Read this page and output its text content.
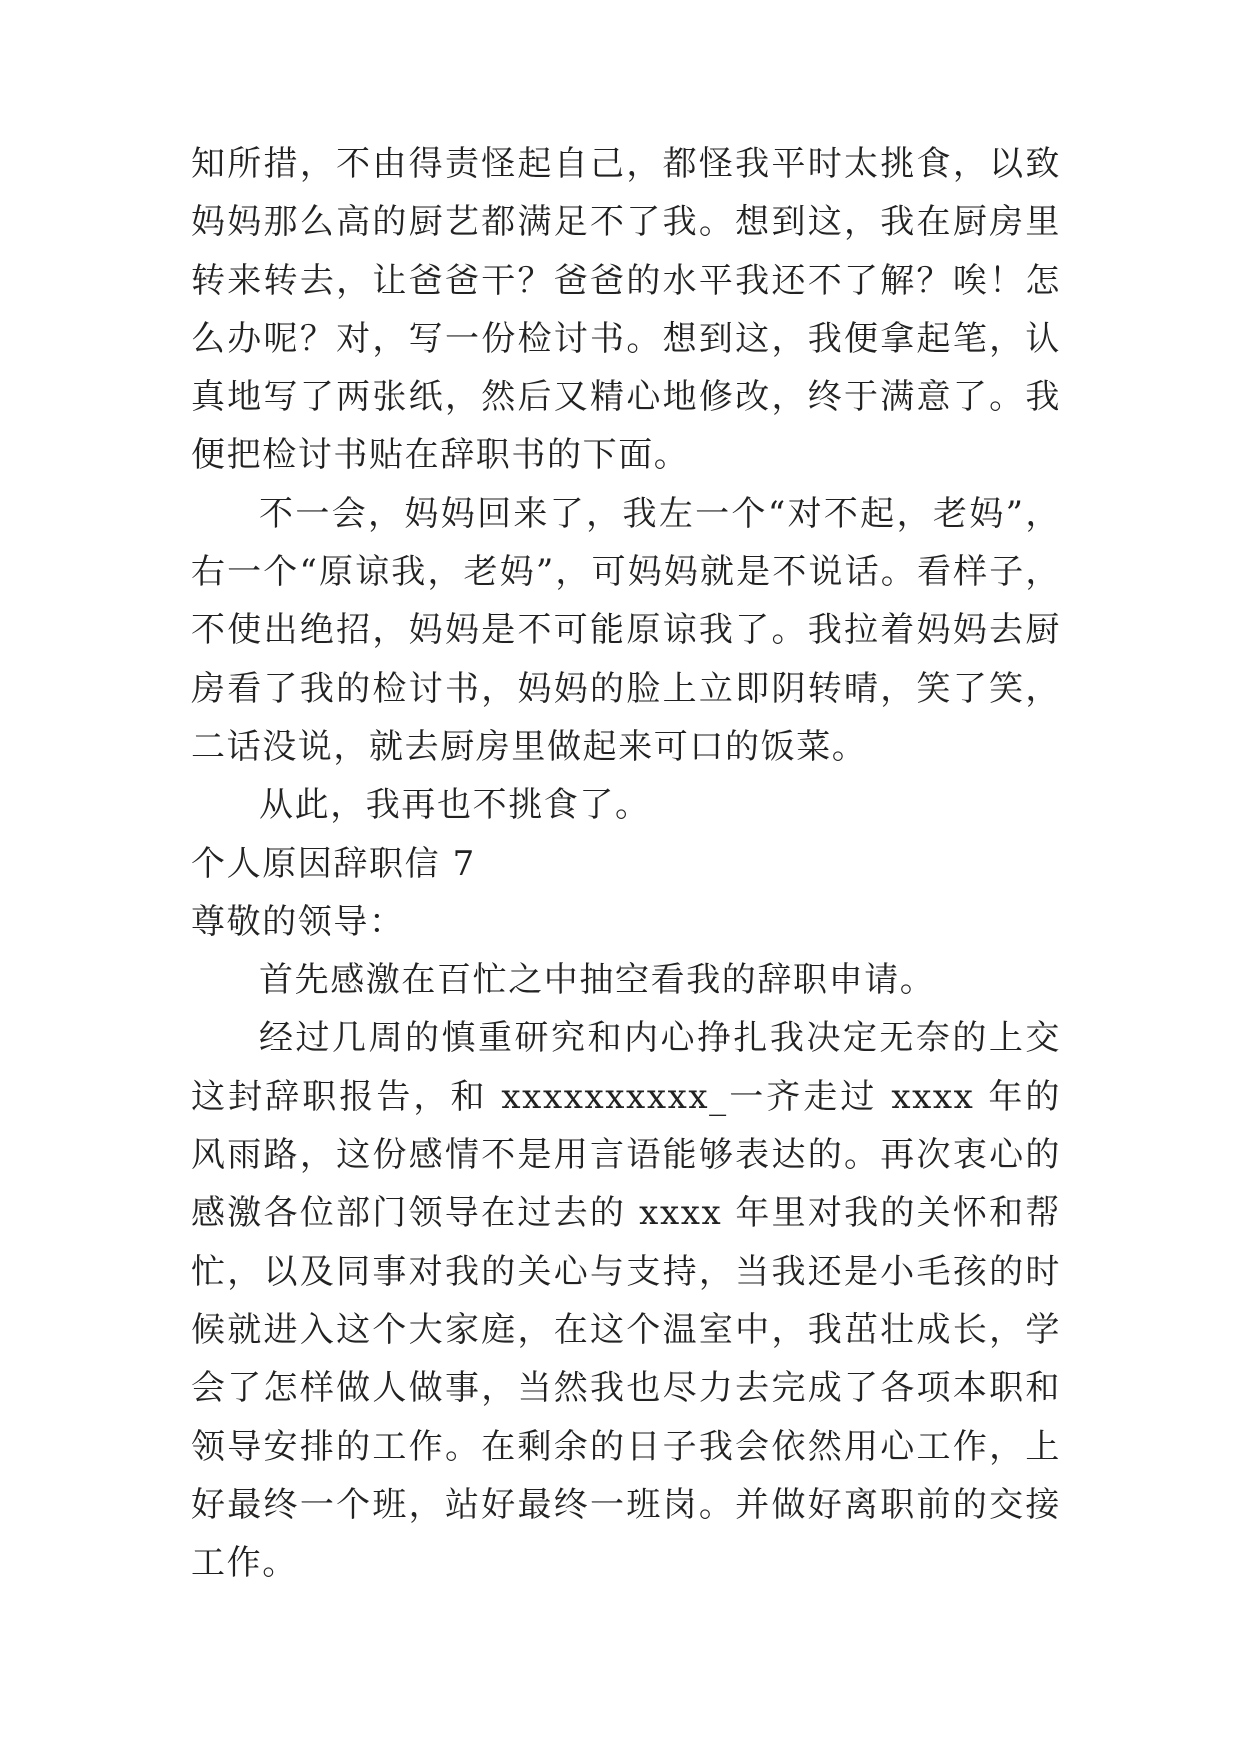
知所措，不由得责怪起自己，都怪我平时太挑食，以致妈妈那么高的厨艺都满足不了我。想到这，我在厨房里转来转去，让爸爸干？爸爸的水平我还不了解？唉！怎么办呢？对，写一份检讨书。想到这，我便拿起笔，认真地写了两张纸，然后又精心地修改，终于满意了。我便把检讨书贴在辞职书的下面。

不一会，妈妈回来了，我左一个“对不起，老妈”，右一个“原谅我，老妈”，可妈妈就是不说话。看样子，不使出绝招，妈妈是不可能原谅我了。我拉着妈妈去厨房看了我的检讨书，妈妈的脸上立即阴转晴，笑了笑，二话没说，就去厨房里做起来可口的饭菜。

从此，我再也不挑食了。

个人原因辞职信 7

尊敬的领导：

首先感激在百忙之中抽空看我的辞职申请。

经过几周的慎重研究和内心挣扎我决定无奈的上交这封辞职报告，和 xxxxxxxxxx_一齐走过 xxxx 年的风雨路，这份感情不是用言语能够表达的。再次衷心的感激各位部门领导在过去的 xxxx 年里对我的关怀和帮忙，以及同事对我的关心与支持，当我还是小毛孩的时候就进入这个大家庭，在这个温室中，我茁壮成长，学会了怎样做人做事，当然我也尽力去完成了各项本职和领导安排的工作。在剩余的日子我会依然用心工作，上好最终一个班，站好最终一班岗。并做好离职前的交接工作。
